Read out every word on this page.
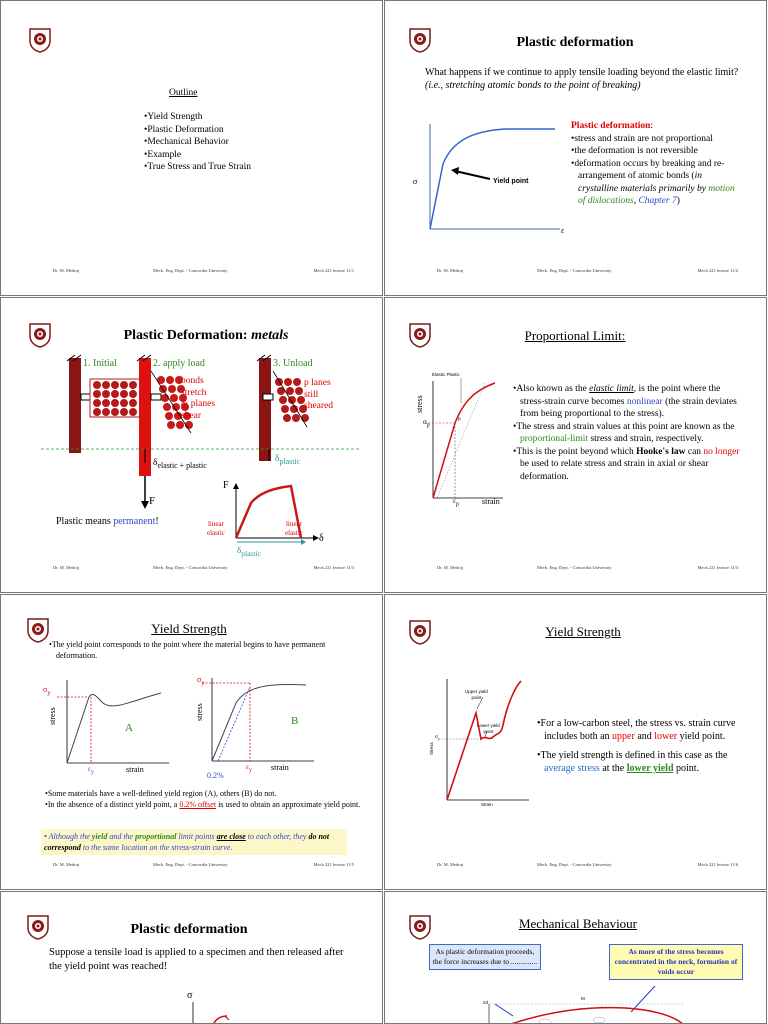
Outline
• Yield Strength
• Plastic Deformation
• Mechanical Behavior
• Example
• True Stress and True Strain
Dr. M. Medraj	Mech. Eng. Dept. - Concordia University	Mech 221 lecture 11/1
Plastic deformation
What happens if we continue to apply tensile loading beyond the elastic limit? (i.e., stretching atomic bonds to the point of breaking)
σ
ε
Yield point
Plastic deformation:
• stress and strain are not proportional
• the deformation is not reversible
• deformation occurs by breaking and re-arrangement of atomic bonds (in crystalline materials primarily by motion of dislocations, Chapter 7)
Dr. M. Medraj	Mech. Eng. Dept. - Concordia University	Mech 221 lecture 11/2
Plastic Deformation: metals
1. Initial	2. apply load	3. Unload
bonds
stretch
& planes
shear
p lanes
still
sheared
$\delta_{elastic + plastic}$
$\delta_{plastic}$
F
F
δ
linear
elastic
linear
elastic
$\delta_{plastic}$
Plastic means permanent!
Dr. M. Medraj	Mech. Eng. Dept. - Concordia University	Mech 221 lecture 11/3
Proportional Limit:
Elastic Plastic
stress
strain
$\sigma_p$
$\varepsilon_p$
P
• Also known as the elastic limit, is the point where the stress-strain curve becomes nonlinear (the strain deviates from being proportional to the stress).
• The stress and strain values at this point are known as the proportional-limit stress and strain, respectively.
• This is the point beyond which Hooke's law can no longer be used to relate stress and strain in axial or shear deformation.
Dr. M. Medraj	Mech. Eng. Dept. - Concordia University	Mech 221 lecture 11/4
Yield Strength
• The yield point corresponds to the point where the material begins to have permanent deformation.
$\sigma_y$
$\sigma_y$
stress	stress
A
B
$\varepsilon_y$
$\varepsilon_y$
strain	strain
0.2%
• Some materials have a well-defined yield region (A), others (B) do not.
• In the absence of a distinct yield point, a 0.2% offset is used to obtain an approximate yield point.
• Although the yield and the proportional limit points are close to each other, they do not correspond to the same location on the stress-strain curve.
Dr. M. Medraj	Mech. Eng. Dept. - Concordia University	Mech 221 lecture 11/5
Yield Strength
Upper yield
point
Lower yield
point
$\sigma_y$
Stress
Strain
• For a low-carbon steel, the stress vs. strain curve includes both an upper and lower yield point.
• The yield strength is defined in this case as the average stress at the lower yield point.
Dr. M. Medraj	Mech. Eng. Dept. - Concordia University	Mech 221 lecture 11/6
Plastic deformation
Suppose a tensile load is applied to a specimen and then released after the yield point was reached!
σ
Mechanical Behaviour
As plastic deformation proceeds, the force increases due to ..............
As more of the stress becomes concentrated in the neck, formation of voids occur
2d
M
